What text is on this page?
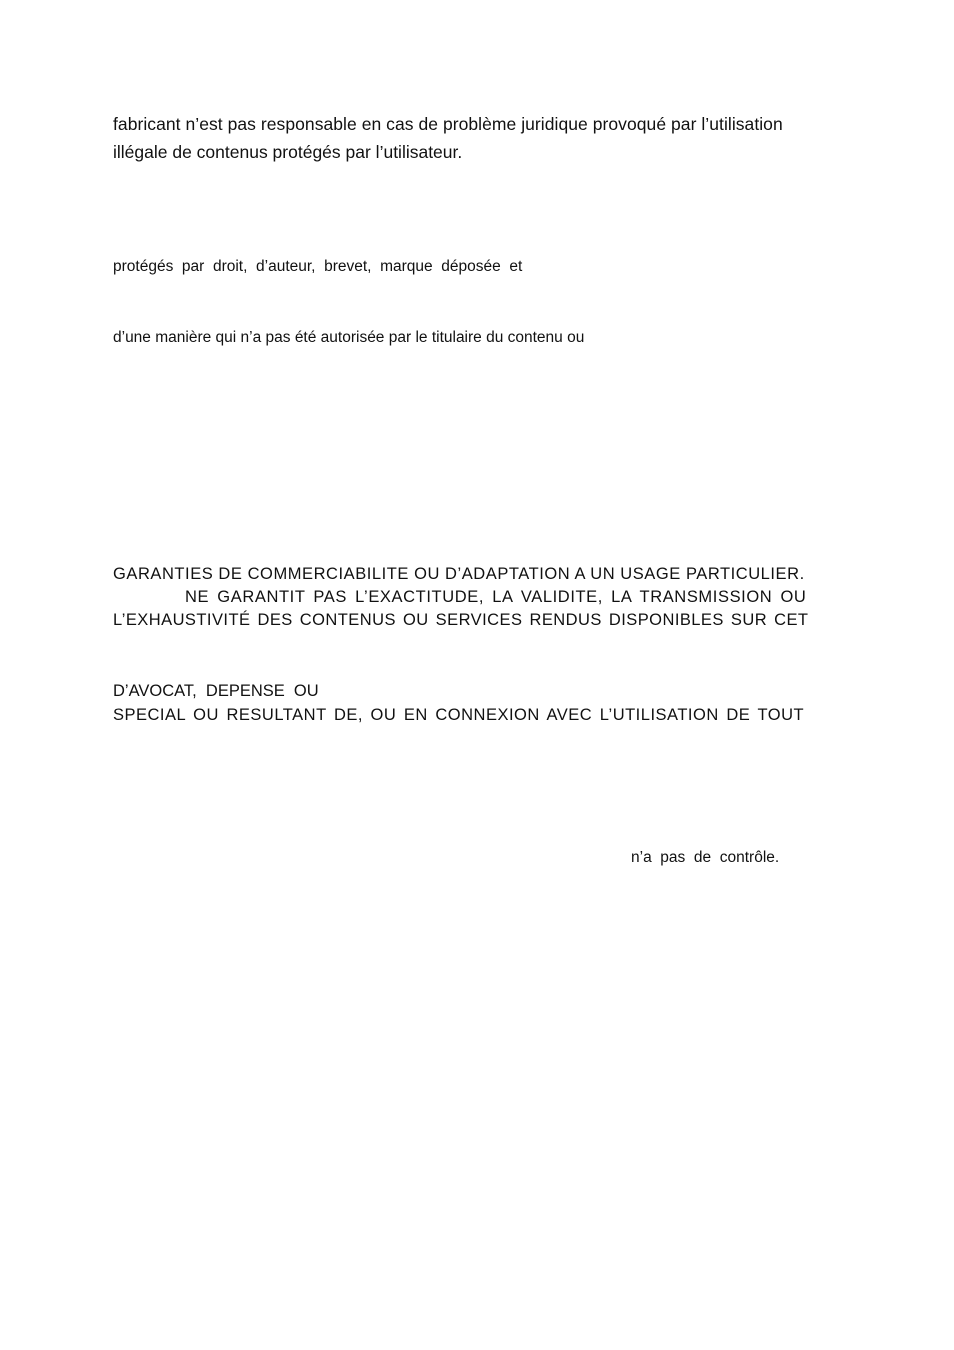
fabricant n’est pas responsable en cas de problème juridique provoqué par l’utilisation
illégale de contenus protégés par l’utilisateur.
protégés  par  droit,  d’auteur,  brevet,  marque  déposée  et
d’une manière qui n’a pas été autorisée par le titulaire du contenu ou
GARANTIES DE COMMERCIABILITE OU D’ADAPTATION A UN USAGE PARTICULIER.
NE GARANTIT PAS L’EXACTITUDE, LA VALIDITE, LA TRANSMISSION OU
L’EXHAUSTIVITÉ DES CONTENUS OU SERVICES RENDUS DISPONIBLES SUR CET
D’AVOCAT,  DEPENSE  OU
SPECIAL OU RESULTANT DE, OU EN CONNEXION AVEC L’UTILISATION DE TOUT
n’a  pas  de  contrôle.
